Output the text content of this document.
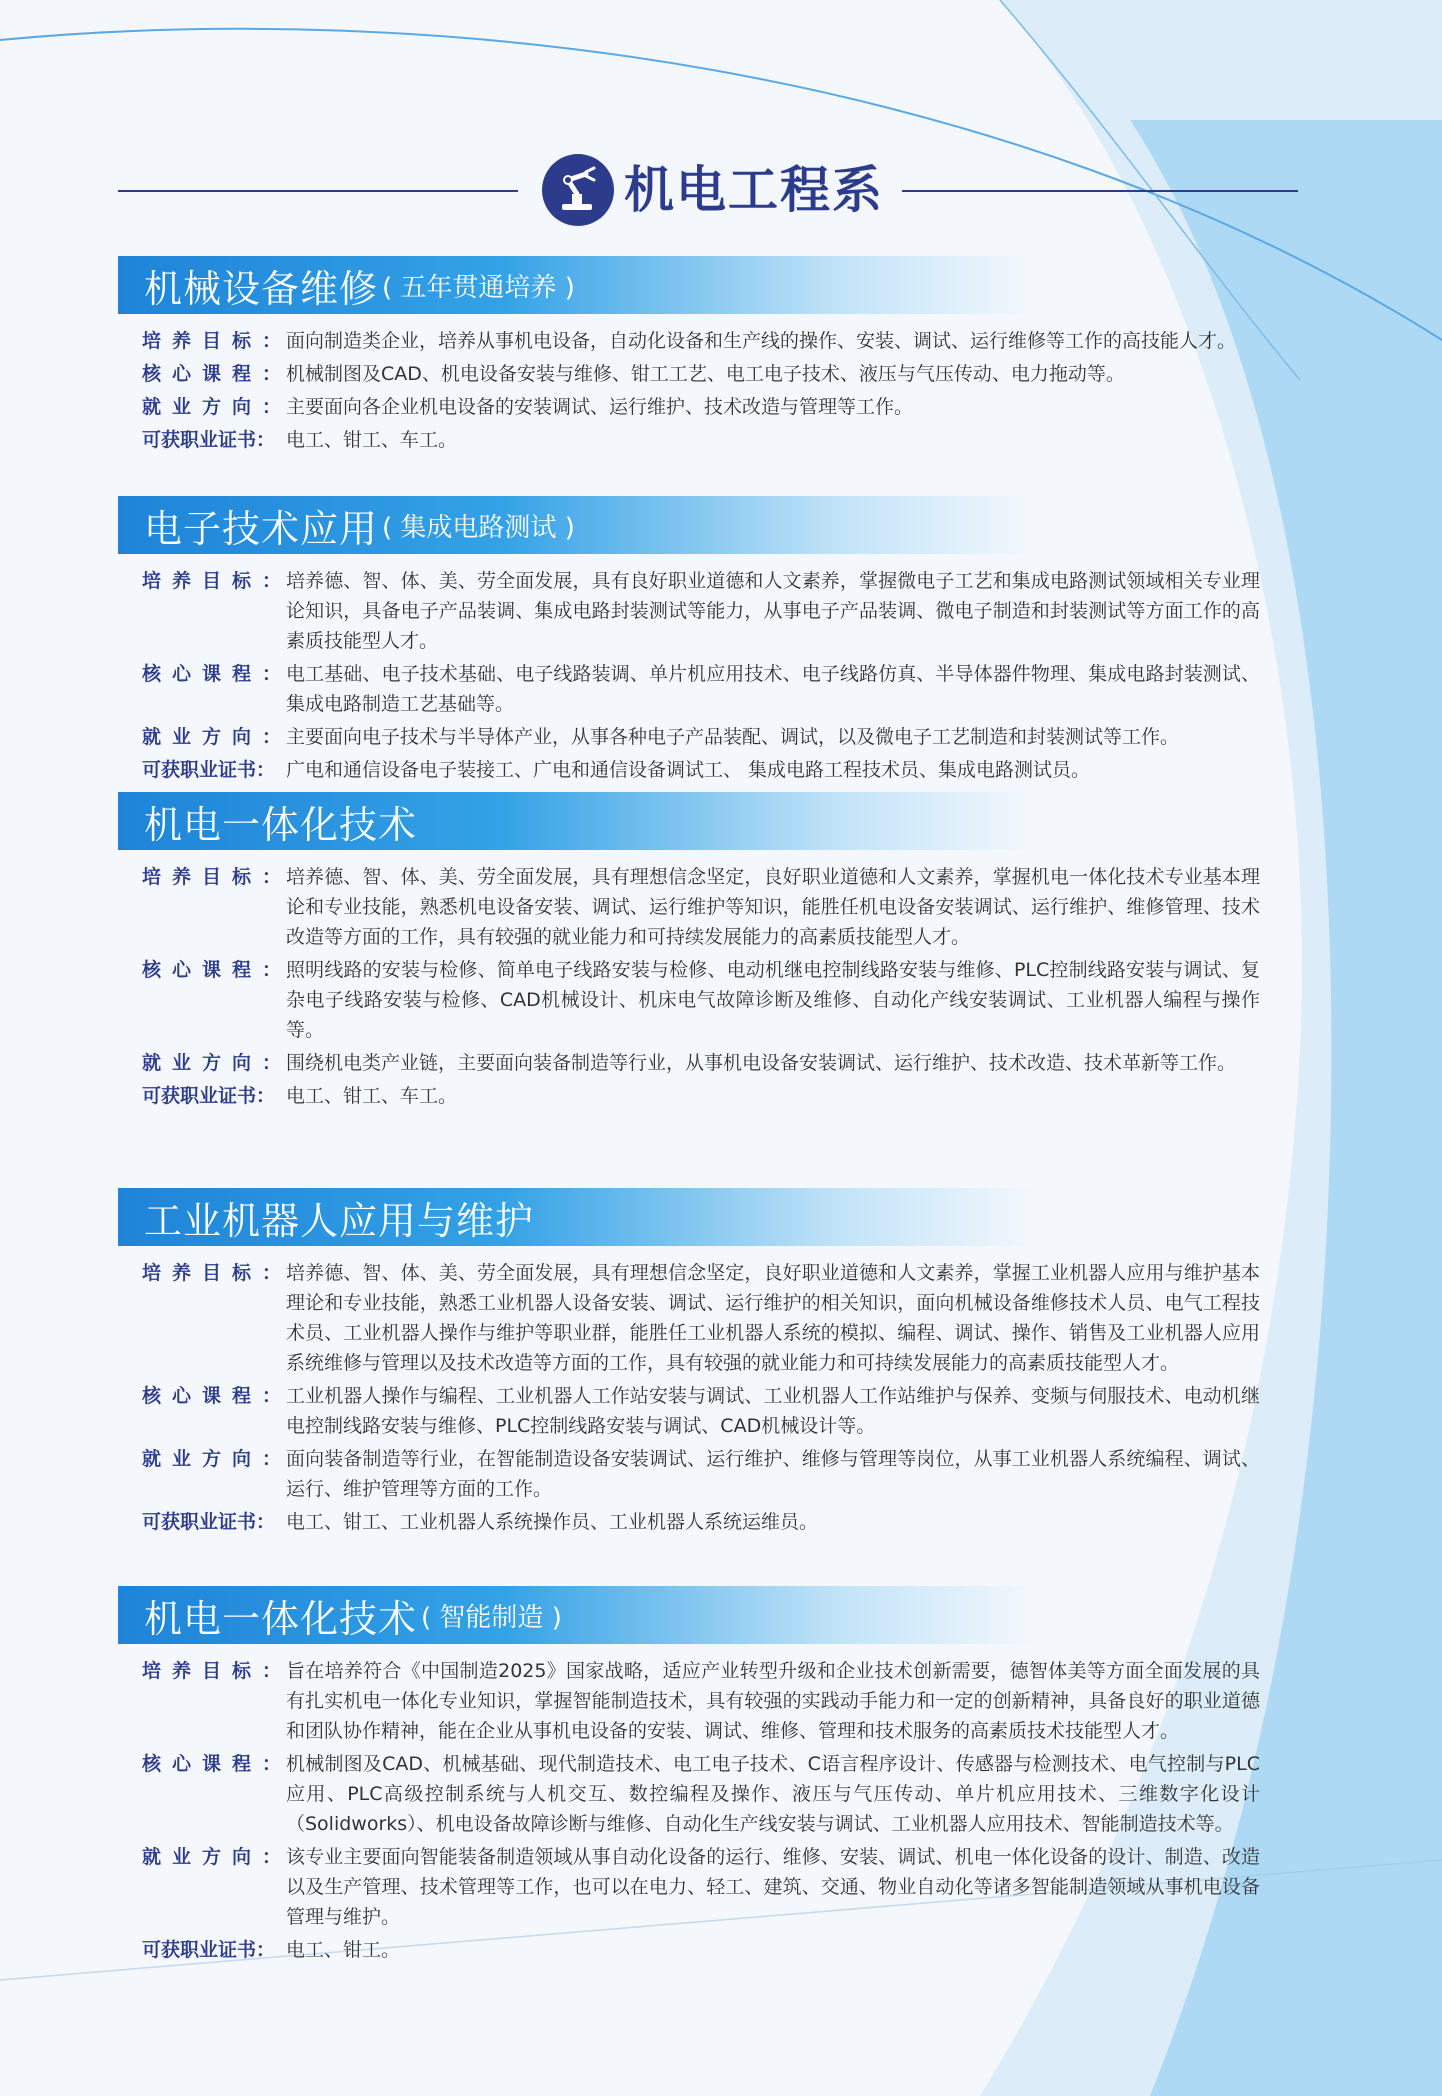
机电工程系
机械设备维修 ( 五年贯通培养 )
培养目标：
面向制造类企业，培养从事机电设备，自动化设备和生产线的操作、安装、调试、运行维修等工作的高技能人才。
核心课程：
机械制图及CAD、机电设备安装与维修、钳工工艺、电工电子技术、液压与气压传动、电力拖动等。
就业方向：
主要面向各企业机电设备的安装调试、运行维护、技术改造与管理等工作。
可获职业证书： 电工、钳工、车工。
电子技术应用 ( 集成电路测试 )
培养目标：
培养德、智、体、美、劳全面发展，具有良好职业道德和人文素养，掌握微电子工艺和集成电路测试领域相关专业理论知识，具备电子产品装调、集成电路封装测试等能力，从事电子产品装调、微电子制造和封装测试等方面工作的高素质技能型人才。
核心课程：
电工基础、电子技术基础、电子线路装调、单片机应用技术、电子线路仿真、半导体器件物理、集成电路封装测试、集成电路制造工艺基础等。
就业方向：
主要面向电子技术与半导体产业，从事各种电子产品装配、调试，以及微电子工艺制造和封装测试等工作。
可获职业证书： 广电和通信设备电子装接工、广电和通信设备调试工、 集成电路工程技术员、集成电路测试员。
机电一体化技术
培养目标：
培养德、智、体、美、劳全面发展，具有理想信念坚定，良好职业道德和人文素养，掌握机电一体化技术专业基本理论和专业技能，熟悉机电设备安装、调试、运行维护等知识，能胜任机电设备安装调试、运行维护、维修管理、技术改造等方面的工作，具有较强的就业能力和可持续发展能力的高素质技能型人才。
核心课程：
照明线路的安装与检修、简单电子线路安装与检修、电动机继电控制线路安装与维修、PLC控制线路安装与调试、复杂电子线路安装与检修、CAD机械设计、机床电气故障诊断及维修、自动化产线安装调试、工业机器人编程与操作等。
就业方向：
围绕机电类产业链，主要面向装备制造等行业，从事机电设备安装调试、运行维护、技术改造、技术革新等工作。
可获职业证书： 电工、钳工、车工。
工业机器人应用与维护
培养目标：
培养德、智、体、美、劳全面发展，具有理想信念坚定，良好职业道德和人文素养，掌握工业机器人应用与维护基本理论和专业技能，熟悉工业机器人设备安装、调试、运行维护的相关知识，面向机械设备维修技术人员、电气工程技术员、工业机器人操作与维护等职业群，能胜任工业机器人系统的模拟、编程、调试、操作、销售及工业机器人应用系统维修与管理以及技术改造等方面的工作，具有较强的就业能力和可持续发展能力的高素质技能型人才。
核心课程：
工业机器人操作与编程、工业机器人工作站安装与调试、工业机器人工作站维护与保养、变频与伺服技术、电动机继电控制线路安装与维修、PLC控制线路安装与调试、CAD机械设计等。
就业方向：
面向装备制造等行业，在智能制造设备安装调试、运行维护、维修与管理等岗位，从事工业机器人系统编程、调试、运行、维护管理等方面的工作。
可获职业证书： 电工、钳工、工业机器人系统操作员、工业机器人系统运维员。
机电一体化技术 ( 智能制造 )
培养目标：
旨在培养符合《中国制造2025》国家战略，适应产业转型升级和企业技术创新需要，德智体美等方面全面发展的具有扎实机电一体化专业知识，掌握智能制造技术，具有较强的实践动手能力和一定的创新精神，具备良好的职业道德和团队协作精神，能在企业从事机电设备的安装、调试、维修、管理和技术服务的高素质技术技能型人才。
核心课程：
机械制图及CAD、机械基础、现代制造技术、电工电子技术、C语言程序设计、传感器与检测技术、电气控制与PLC应用、PLC高级控制系统与人机交互、数控编程及操作、液压与气压传动、单片机应用技术、三维数字化设计（Solidworks）、机电设备故障诊断与维修、自动化生产线安装与调试、工业机器人应用技术、智能制造技术等。
就业方向：
该专业主要面向智能装备制造领域从事自动化设备的运行、维修、安装、调试、机电一体化设备的设计、制造、改造以及生产管理、技术管理等工作，也可以在电力、轻工、建筑、交通、物业自动化等诸多智能制造领域从事机电设备管理与维护。
可获职业证书： 电工、钳工。
